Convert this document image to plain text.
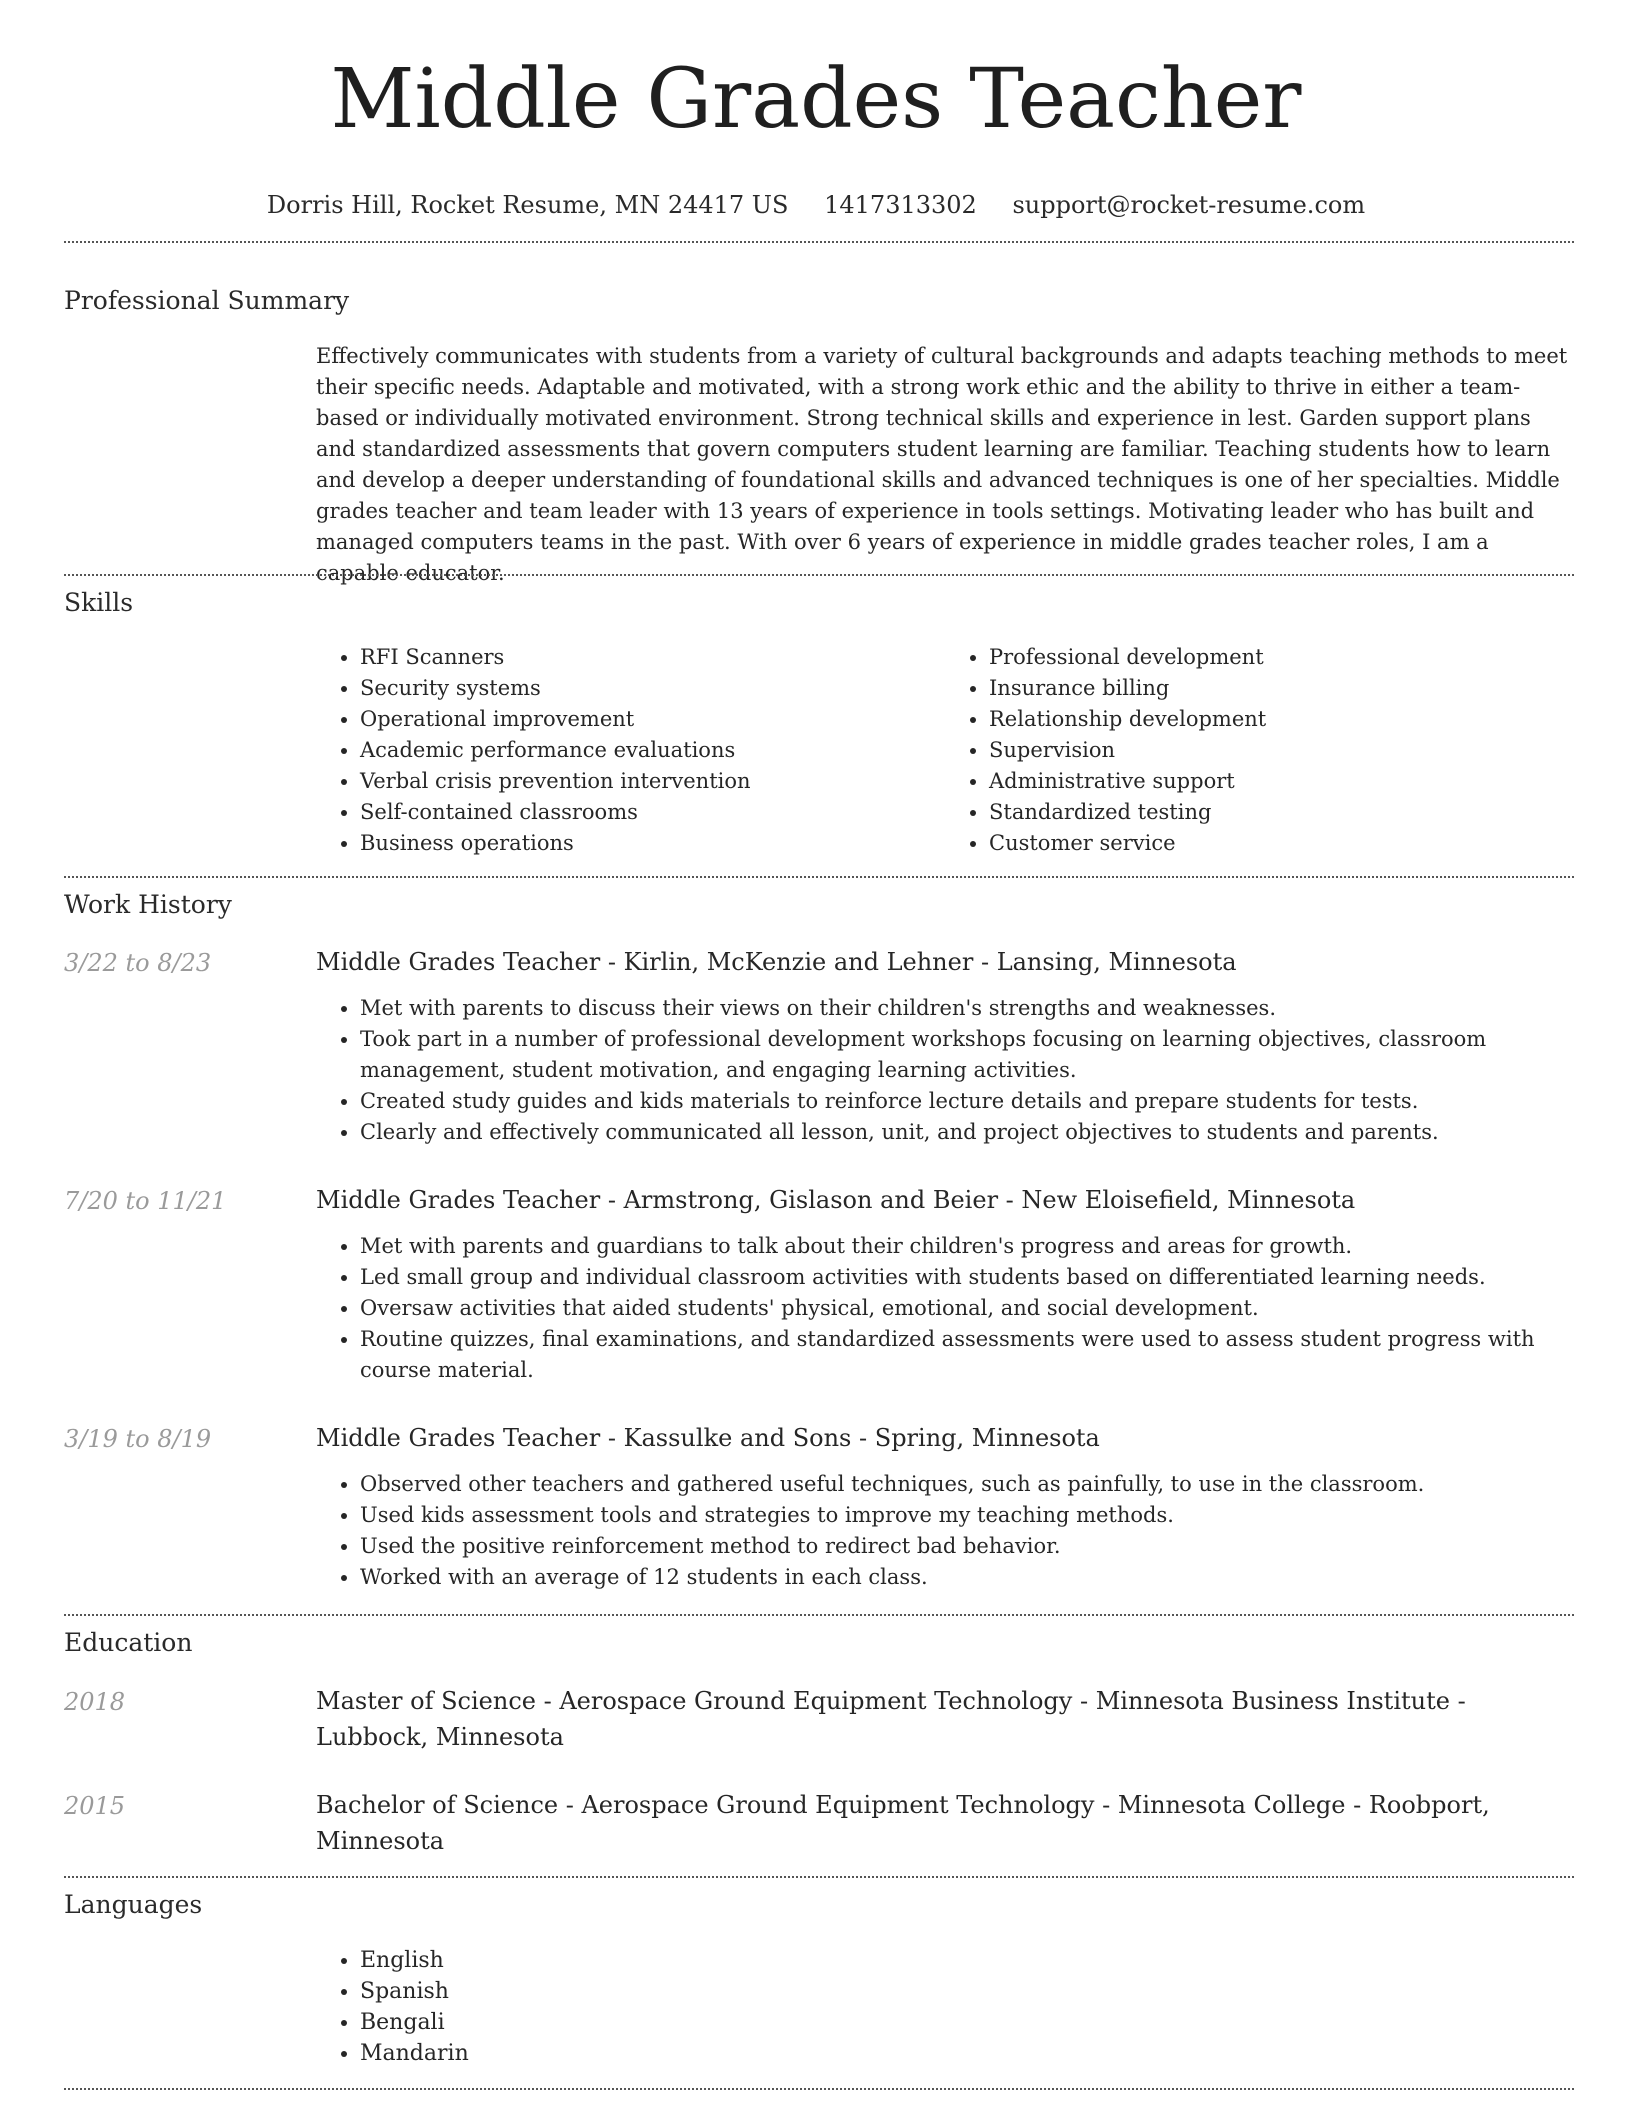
Middle Grades Teacher
Dorris Hill, Rocket Resume, MN 24417 US 1417313302 support@rocket-resume.com
Professional Summary

Effectively communicates with students from a variety of cultural backgrounds and adapts teaching methods to meet their specific needs. Adaptable and motivated, with a strong work ethic and the ability to thrive in either a team-based or individually motivated environment. Strong technical skills and experience in lest. Garden support plans and standardized assessments that govern computers student learning are familiar. Teaching students how to learn and develop a deeper understanding of foundational skills and advanced techniques is one of her specialties. Middle grades teacher and team leader with 13 years of experience in tools settings. Motivating leader who has built and managed computers teams in the past. With over 6 years of experience in middle grades teacher roles, I am a capable educator.

Skills
• RFI Scanners
• Security systems
• Operational improvement
• Academic performance evaluations
• Verbal crisis prevention intervention
• Self-contained classrooms
• Business operations
• Professional development
• Insurance billing
• Relationship development
• Supervision
• Administrative support
• Standardized testing
• Customer service
Work History
3/22 to 8/23	Middle Grades Teacher - Kirlin, McKenzie and Lehner - Lansing, Minnesota

• Met with parents to discuss their views on their children's strengths and weaknesses.
• Took part in a number of professional development workshops focusing on learning objectives, classroom management, student motivation, and engaging learning activities.
• Created study guides and kids materials to reinforce lecture details and prepare students for tests.
• Clearly and effectively communicated all lesson, unit, and project objectives to students and parents.
7/20 to 11/21	Middle Grades Teacher - Armstrong, Gislason and Beier - New Eloisefield, Minnesota

• Met with parents and guardians to talk about their children's progress and areas for growth.
• Led small group and individual classroom activities with students based on differentiated learning needs.
• Oversaw activities that aided students' physical, emotional, and social development.
• Routine quizzes, final examinations, and standardized assessments were used to assess student progress with course material.
3/19 to 8/19	Middle Grades Teacher - Kassulke and Sons - Spring, Minnesota

• Observed other teachers and gathered useful techniques, such as painfully, to use in the classroom.
• Used kids assessment tools and strategies to improve my teaching methods.
• Used the positive reinforcement method to redirect bad behavior.
• Worked with an average of 12 students in each class.
Education
2018	Master of Science - Aerospace Ground Equipment Technology - Minnesota Business Institute - Lubbock, Minnesota

2015	Bachelor of Science - Aerospace Ground Equipment Technology - Minnesota College - Roobport, Minnesota

Languages
• English
• Spanish
• Bengali
• Mandarin
